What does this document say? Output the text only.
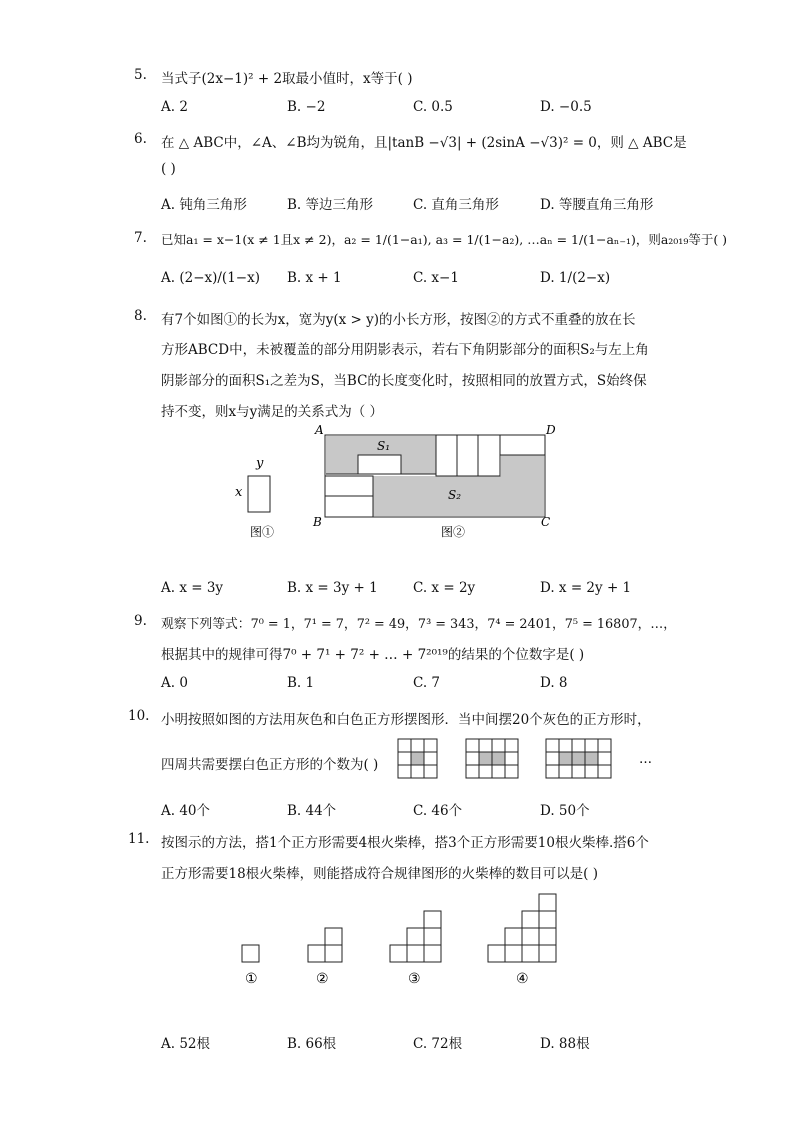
5. 当式子(2x−1)² + 2取最小值时，x等于( )
A. 2	B. −2	C. 0.5	D. −0.5
6. 在 △ ABC中，∠A、∠B均为锐角，且|tanB −√3| + (2sinA −√3)² = 0，则 △ ABC是
( )
A. 钝角三角形	B. 等边三角形	C. 直角三角形	D. 等腰直角三角形
7. 已知a₁ = x−1(x ≠ 1且x ≠ 2)，a₂ = 1/(1−a₁), a₃ = 1/(1−a₂), …aₙ = 1/(1−aₙ₋₁)，则a₂₀₁₉等于( )
A. (2−x)/(1−x) B. x + 1	C. x−1	D. 1/(2−x)
8. 有7个如图①的长为x，宽为y(x > y)的小长方形，按图②的方式不重叠的放在长
方形ABCD中，未被覆盖的部分用阴影表示，若右下角阴影部分的面积S₂与左上角
阴影部分的面积S₁之差为S，当BC的长度变化时，按照相同的放置方式，S始终保
持不变，则x与y满足的关系式为（ ）
y
x
图①
A	D
B	C
S₁
S₂
图②
A. x = 3y	B. x = 3y + 1	C. x = 2y	D. x = 2y + 1
9. 观察下列等式：7⁰ = 1，7¹ = 7，7² = 49，7³ = 343，7⁴ = 2401，7⁵ = 16807，…，
根据其中的规律可得7⁰ + 7¹ + 7² + … + 7²⁰¹⁹的结果的个位数字是( )
A. 0	B. 1	C. 7	D. 8
10. 小明按照如图的方法用灰色和白色正方形摆图形．当中间摆20个灰色的正方形时，
四周共需要摆白色正方形的个数为( )	…
A. 40个	B. 44个	C. 46个	D. 50个
11. 按图示的方法，搭1个正方形需要4根火柴棒，搭3个正方形需要10根火柴棒.搭6个
正方形需要18根火柴棒，则能搭成符合规律图形的火柴棒的数目可以是( )
①	②	③	④
A. 52根	B. 66根	C. 72根	D. 88根
